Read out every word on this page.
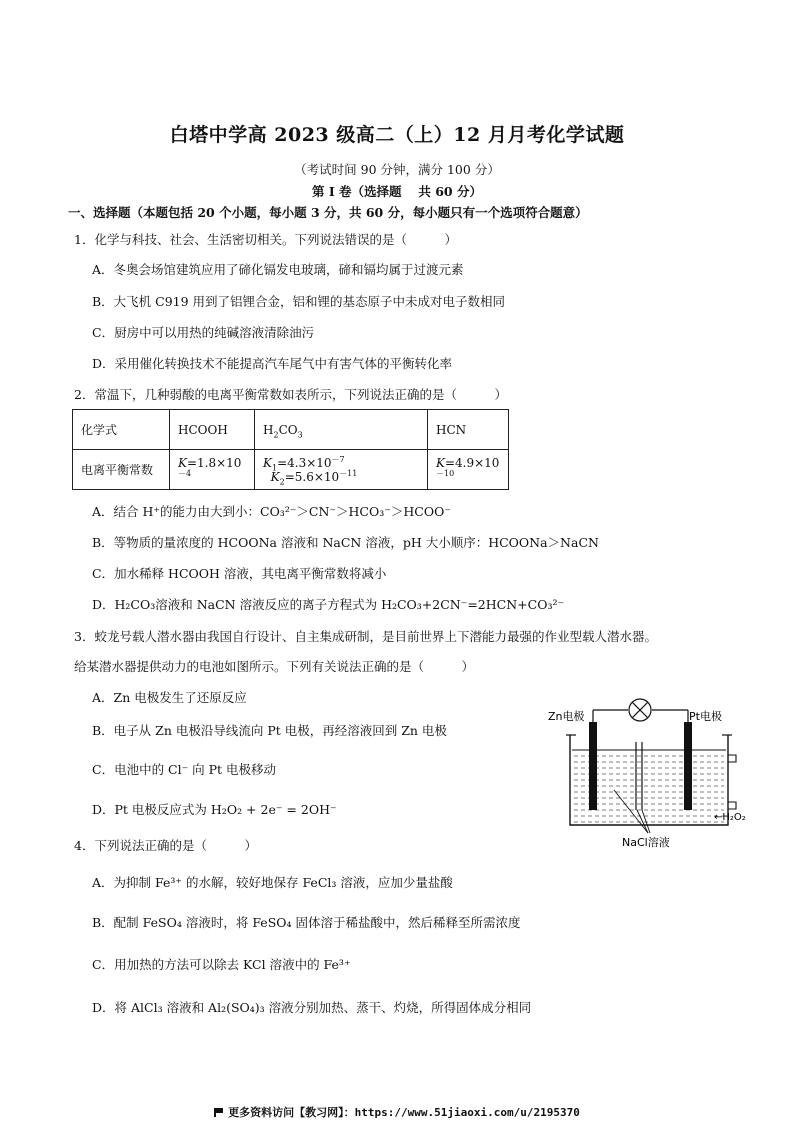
白塔中学高 2023 级高二（上）12 月月考化学试题
（考试时间 90 分钟，满分 100 分）
第 I 卷（选择题　 共 60 分）
一、选择题（本题包括 20 个小题，每小题 3 分，共 60 分，每小题只有一个选项符合题意）
1．化学与科技、社会、生活密切相关。下列说法错误的是（　　　）
A．冬奥会场馆建筑应用了碲化镉发电玻璃，碲和镉均属于过渡元素
B．大飞机 C919 用到了铝锂合金，铝和锂的基态原子中未成对电子数相同
C．厨房中可以用热的纯碱溶液清除油污
D．采用催化转换技术不能提高汽车尾气中有害气体的平衡转化率
2．常温下，几种弱酸的电离平衡常数如表所示，下列说法正确的是（　　　）
化学式	HCOOH	$H_2CO_3$	HCN
电离平衡常数	$K=1.8\times 10^{-4}$	$K_1=4.3\times 10^{-7}$  $K_2=5.6\times 10^{-11}$	$K=4.9\times 10^{-10}$
A．结合 H⁺的能力由大到小：CO₃²⁻＞CN⁻＞HCO₃⁻＞HCOO⁻
B．等物质的量浓度的 HCOONa 溶液和 NaCN 溶液，pH 大小顺序：HCOONa＞NaCN
C．加水稀释 HCOOH 溶液，其电离平衡常数将减小
D．H₂CO₃溶液和 NaCN 溶液反应的离子方程式为 H₂CO₃+2CN⁻=2HCN+CO₃²⁻
3．蛟龙号载人潜水器由我国自行设计、自主集成研制，是目前世界上下潜能力最强的作业型载人潜水器。
给某潜水器提供动力的电池如图所示。下列有关说法正确的是（　　　）
A．Zn 电极发生了还原反应
B．电子从 Zn 电极沿导线流向 Pt 电极，再经溶液回到 Zn 电极
C．电池中的 Cl⁻ 向 Pt 电极移动
D．Pt 电极反应式为 H₂O₂ + 2e⁻ = 2OH⁻
Zn电极	Pt电极
←H₂O₂
NaCl溶液
4．下列说法正确的是（　　　）
A．为抑制 Fe³⁺ 的水解，较好地保存 FeCl₃ 溶液，应加少量盐酸
B．配制 FeSO₄ 溶液时，将 FeSO₄ 固体溶于稀盐酸中，然后稀释至所需浓度
C．用加热的方法可以除去 KCl 溶液中的 Fe³⁺
D．将 AlCl₃ 溶液和 Al₂(SO₄)₃ 溶液分别加热、蒸干、灼烧，所得固体成分相同
更多资料访问【教习网】：https://www.51jiaoxi.com/u/2195370
